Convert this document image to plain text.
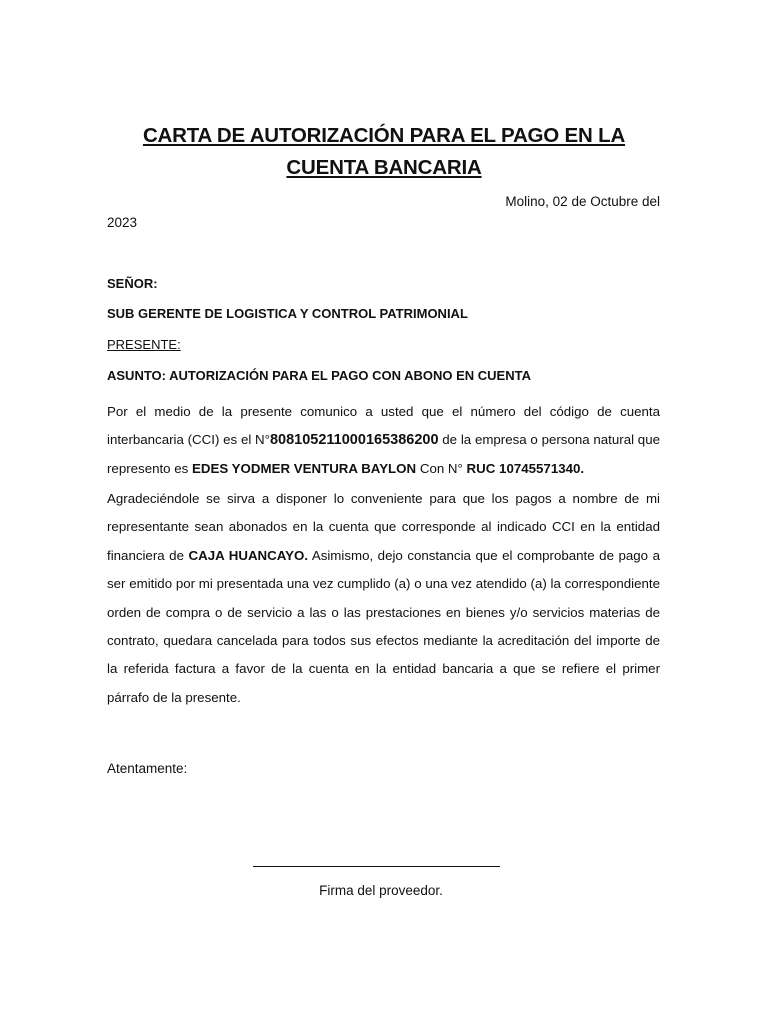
CARTA DE AUTORIZACIÓN PARA EL PAGO EN LA CUENTA BANCARIA
Molino, 02 de Octubre del
2023
SEÑOR:
SUB GERENTE DE LOGISTICA Y CONTROL PATRIMONIAL
PRESENTE:
ASUNTO: AUTORIZACIÓN PARA EL PAGO CON ABONO EN CUENTA

Por el medio de la presente comunico a usted que el número del código de cuenta interbancaria (CCI) es el N°808105211000165386200 de la empresa o persona natural que represento es EDES YODMER VENTURA BAYLON Con N° RUC 10745571340.

Agradeciéndole se sirva a disponer lo conveniente para que los pagos a nombre de mi representante sean abonados en la cuenta que corresponde al indicado CCI en la entidad financiera de CAJA HUANCAYO. Asimismo, dejo constancia que el comprobante de pago a ser emitido por mi presentada una vez cumplido (a) o una vez atendido (a) la correspondiente orden de compra o de servicio a las o las prestaciones en bienes y/o servicios materias de contrato, quedara cancelada para todos sus efectos mediante la acreditación del importe de la referida factura a favor de la cuenta en la entidad bancaria a que se refiere el primer párrafo de la presente.

Atentamente:
Firma del proveedor.
